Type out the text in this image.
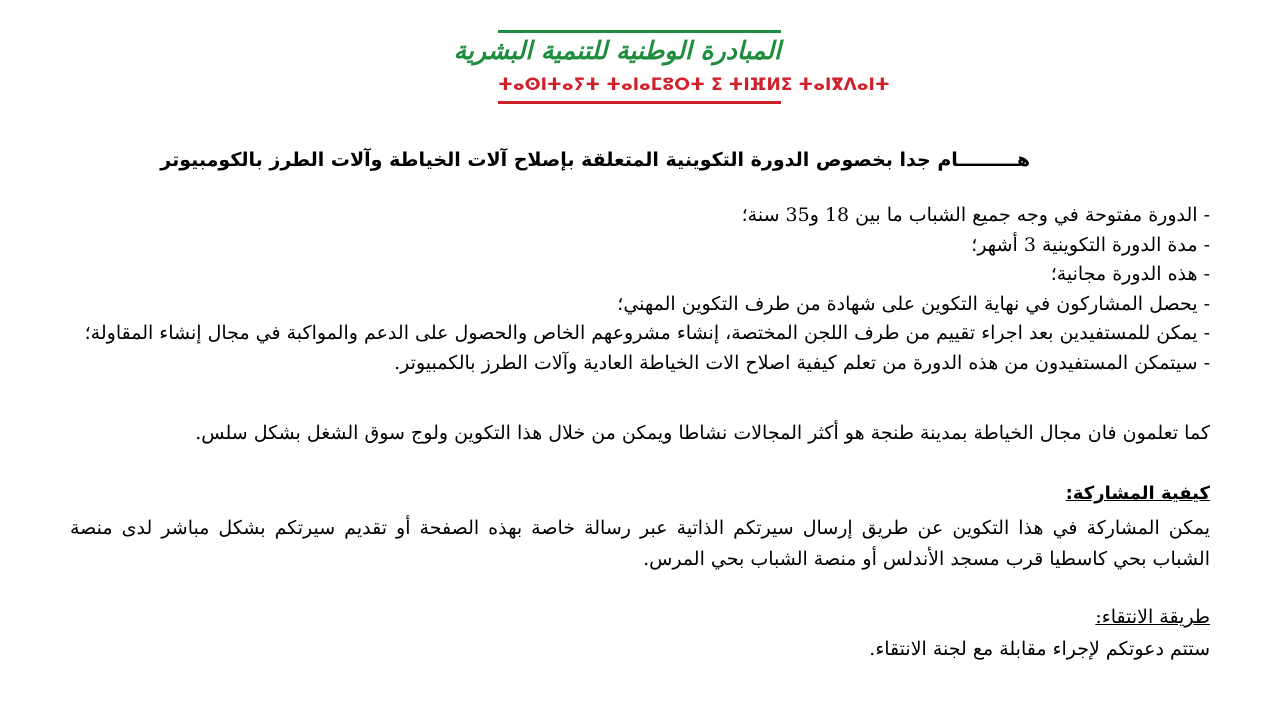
المبادرة الوطنية للتنمية البشرية
ⵜⴰⵙⵏⵜⴰⵢⵜ ⵜⴰⵏⴰⵎⵓⵔⵜ ⵉ ⵜⵏⴼⵍⵉ ⵜⴰⵏⴳⴷⴰⵏⵜ
هـــــــــام جدا بخصوص الدورة التكوينية المتعلقة بإصلاح آلات الخياطة وآلات الطرز بالكومبيوتر
- الدورة مفتوحة في وجه جميع الشباب ما بين 18 و35 سنة؛
- مدة الدورة التكوينية 3 أشهر؛
- هذه الدورة مجانية؛
- يحصل المشاركون في نهاية التكوين على شهادة من طرف التكوين المهني؛
- يمكن للمستفيدين بعد اجراء تقييم من طرف اللجن المختصة، إنشاء مشروعهم الخاص والحصول على الدعم والمواكبة في مجال إنشاء المقاولة؛
- سيتمكن المستفيدون من هذه الدورة من تعلم كيفية اصلاح الات الخياطة العادية وآلات الطرز بالكمبيوتر.

كما تعلمون فان مجال الخياطة بمدينة طنجة هو أكثر المجالات نشاطا ويمكن من خلال هذا التكوين ولوج سوق الشغل بشكل سلس.

كيفية المشاركة:

يمكن المشاركة في هذا التكوين عن طريق إرسال سيرتكم الذاتية عبر رسالة خاصة بهذه الصفحة أو تقديم سيرتكم بشكل مباشر لدى منصة الشباب بحي كاسطيا قرب مسجد الأندلس أو منصة الشباب بحي المرس.

طريقة الانتقاء:

ستتم دعوتكم لإجراء مقابلة مع لجنة الانتقاء.
